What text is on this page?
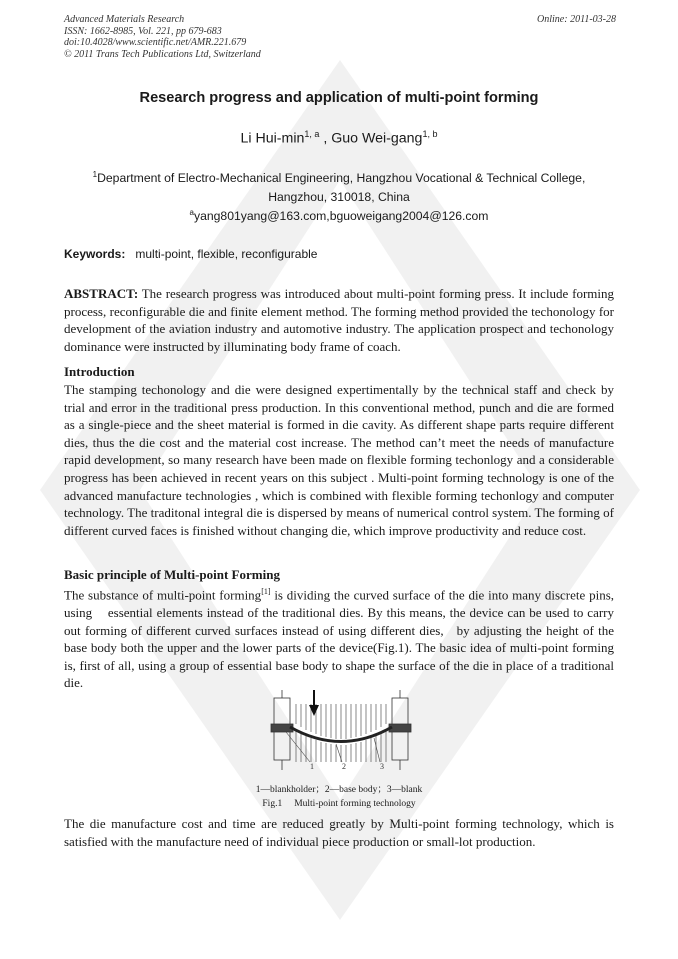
Advanced Materials Research
ISSN: 1662-8985, Vol. 221, pp 679-683
doi:10.4028/www.scientific.net/AMR.221.679
© 2011 Trans Tech Publications Ltd, Switzerland
Online: 2011-03-28
Research progress and application of multi-point forming
Li Hui-$\min^{1, a}$ , Guo Wei-gang$^{1, b}$
$^1$Department of Electro-Mechanical Engineering, Hangzhou Vocational & Technical College,
Hangzhou, 310018, China
$^a$yang801yang@163.com,bguoweigang2004@126.com
Keywords: multi-point, flexible, reconfigurable
ABSTRACT: The research progress was introduced about multi-point forming press. It include forming process, reconfigurable die and finite element method. The forming method provided the techonology for development of the aviation industry and automotive industry. The application prospect and techonology dominance were instructed by illuminating body frame of coach.
Introduction
The stamping techonology and die were designed expertimentally by the technical staff and check by trial and error in the traditional press production. In this conventional method, punch and die are formed as a single-piece and the sheet material is formed in die cavity. As different shape parts require different dies, thus the die cost and the material cost increase. The method can’t meet the needs of manufacture rapid development, so many research have been made on flexible forming techonlogy and a considerable progress has been achieved in recent years on this subject . Multi-point forming technology is one of the advanced manufacture technologies , which is combined with flexible forming techonlogy and computer technology. The traditonal integral die is dispersed by means of numerical control system. The forming of different curved faces is finished without changing die, which improve productivity and reduce cost.
Basic principle of Multi-point Forming
The substance of multi-point forming[1] is dividing the curved surface of the die into many discrete pins, using    essential elements instead of the traditional dies. By this means, the device can be used to carry out forming of different curved surfaces instead of using different dies,   by adjusting the height of the base body both the upper and the lower parts of the device(Fig.1). The basic idea of multi-point forming is, first of all, using a group of essential base body to shape the surface of the die in place of a traditional die.
1	2	3
1—blankholder；2—base body；3—blank
Fig.1 Multi-point forming technology
The die manufacture cost and time are reduced greatly by Multi-point forming technology, which is satisfied with the manufacture need of individual piece production or small-lot production.
